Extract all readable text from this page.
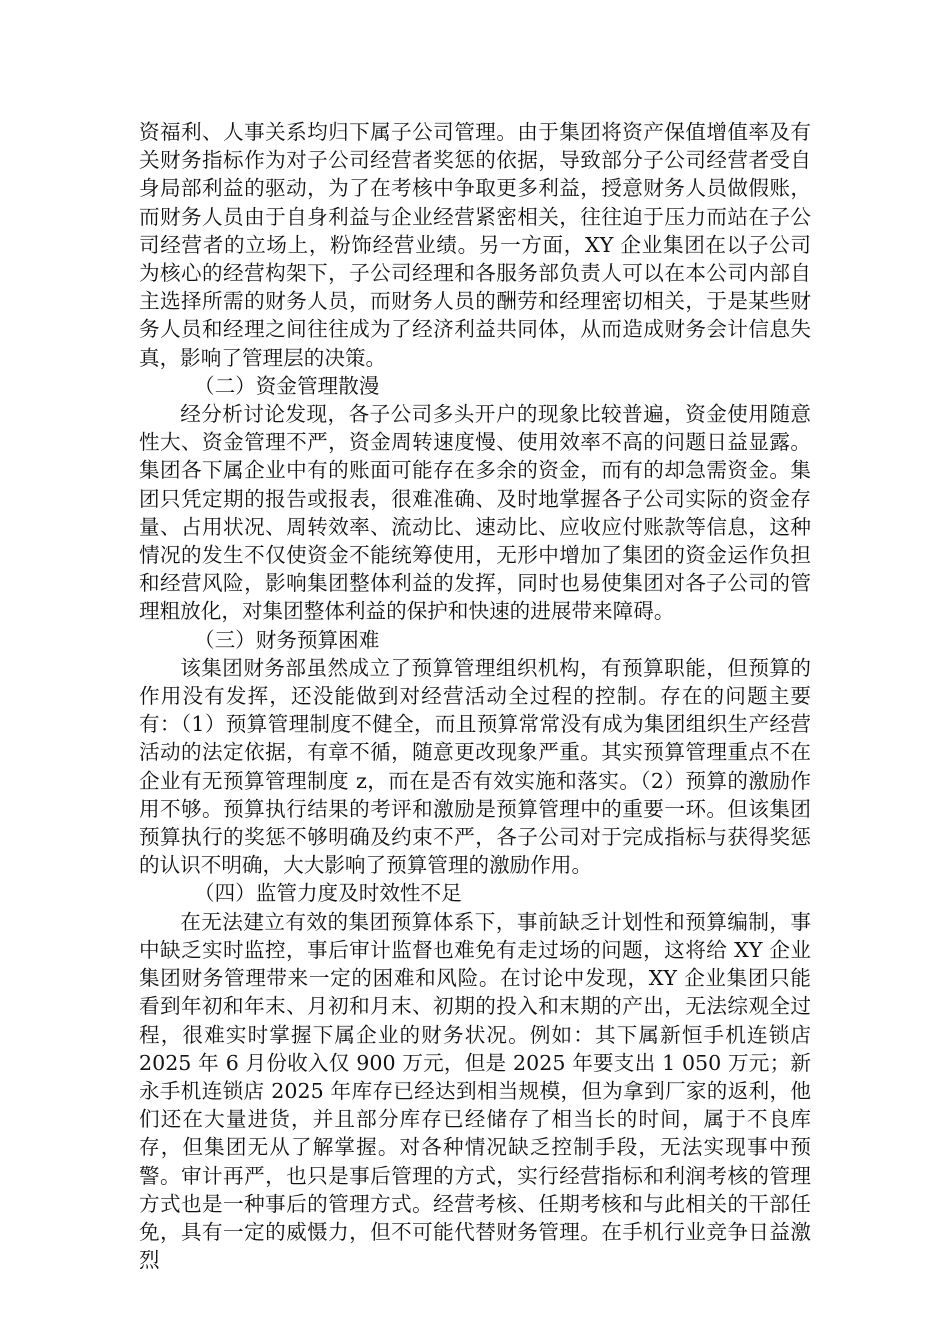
资福利、人事关系均归下属子公司管理。由于集团将资产保值增值率及有关财务指标作为对子公司经营者奖惩的依据，导致部分子公司经营者受自身局部利益的驱动，为了在考核中争取更多利益，授意财务人员做假账，而财务人员由于自身利益与企业经营紧密相关，往往迫于压力而站在子公司经营者的立场上，粉饰经营业绩。另一方面，XY 企业集团在以子公司为核心的经营构架下，子公司经理和各服务部负责人可以在本公司内部自主选择所需的财务人员，而财务人员的酬劳和经理密切相关，于是某些财务人员和经理之间往往成为了经济利益共同体，从而造成财务会计信息失真，影响了管理层的决策。

（二）资金管理散漫

经分析讨论发现，各子公司多头开户的现象比较普遍，资金使用随意性大、资金管理不严，资金周转速度慢、使用效率不高的问题日益显露。集团各下属企业中有的账面可能存在多余的资金，而有的却急需资金。集团只凭定期的报告或报表，很难准确、及时地掌握各子公司实际的资金存量、占用状况、周转效率、流动比、速动比、应收应付账款等信息，这种情况的发生不仅使资金不能统筹使用，无形中增加了集团的资金运作负担和经营风险，影响集团整体利益的发挥，同时也易使集团对各子公司的管理粗放化，对集团整体利益的保护和快速的进展带来障碍。

（三）财务预算困难

该集团财务部虽然成立了预算管理组织机构，有预算职能，但预算的作用没有发挥，还没能做到对经营活动全过程的控制。存在的问题主要有：（1）预算管理制度不健全，而且预算常常没有成为集团组织生产经营活动的法定依据，有章不循，随意更改现象严重。其实预算管理重点不在企业有无预算管理制度 z，而在是否有效实施和落实。（2）预算的激励作用不够。预算执行结果的考评和激励是预算管理中的重要一环。但该集团预算执行的奖惩不够明确及约束不严，各子公司对于完成指标与获得奖惩的认识不明确，大大影响了预算管理的激励作用。

（四）监管力度及时效性不足

在无法建立有效的集团预算体系下，事前缺乏计划性和预算编制，事中缺乏实时监控，事后审计监督也难免有走过场的问题，这将给 XY 企业集团财务管理带来一定的困难和风险。在讨论中发现，XY 企业集团只能看到年初和年末、月初和月末、初期的投入和末期的产出，无法综观全过程，很难实时掌握下属企业的财务状况。例如：其下属新恒手机连锁店 2025 年 6 月份收入仅 900 万元，但是 2025 年要支出 1 050 万元；新永手机连锁店 2025 年库存已经达到相当规模，但为拿到厂家的返利，他们还在大量进货，并且部分库存已经储存了相当长的时间，属于不良库存，但集团无从了解掌握。对各种情况缺乏控制手段，无法实现事中预警。审计再严，也只是事后管理的方式，实行经营指标和利润考核的管理方式也是一种事后的管理方式。经营考核、任期考核和与此相关的干部任免，具有一定的威慑力，但不可能代替财务管理。在手机行业竞争日益激烈
